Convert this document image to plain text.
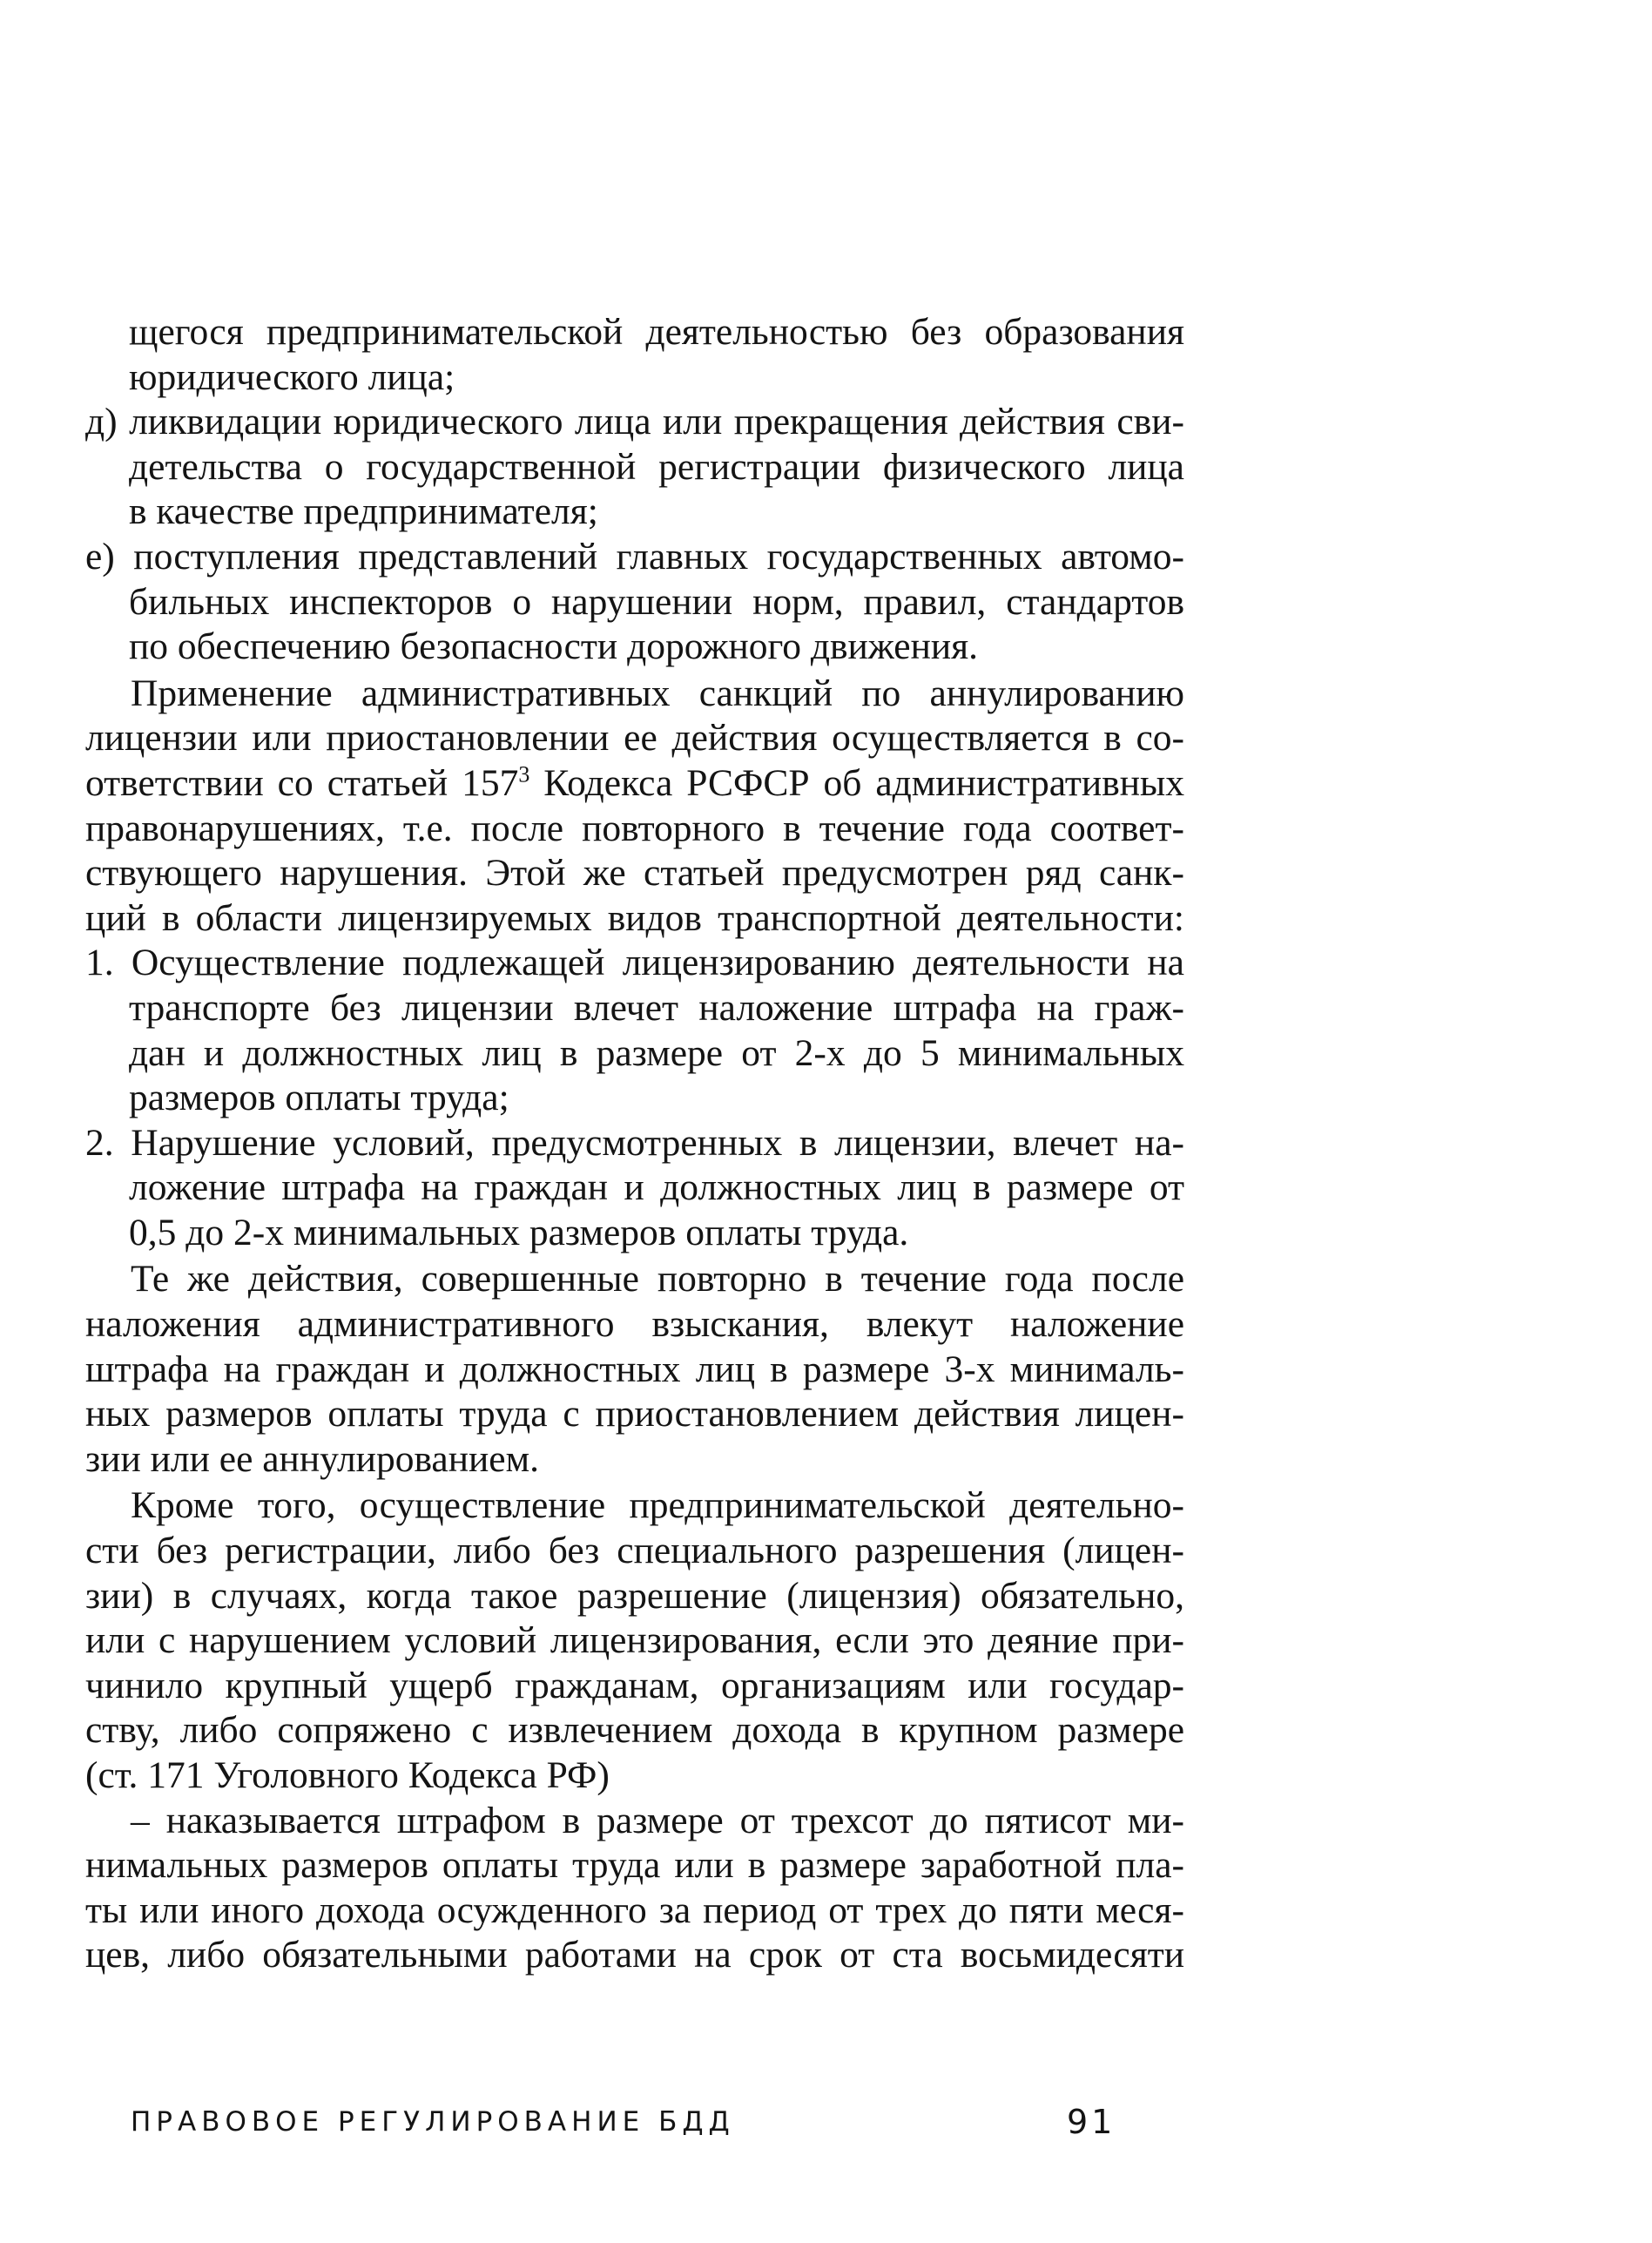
щегося предпринимательской деятельностью без образования
юридического лица;
д) ликвидации юридического лица или прекращения действия сви-
детельства о государственной регистрации физического лица
в качестве предпринимателя;
е) поступления представлений главных государственных автомо-
бильных инспекторов о нарушении норм, правил, стандартов
по обеспечению безопасности дорожного движения.
Применение административных санкций по аннулированию
лицензии или приостановлении ее действия осуществляется в со-
ответствии со статьей $157^3$ Кодекса РСФСР об административных
правонарушениях, т.е. после повторного в течение года соответ-
ствующего нарушения. Этой же статьей предусмотрен ряд санк-
ций в области лицензируемых видов транспортной деятельности:
1. Осуществление подлежащей лицензированию деятельности на
транспорте без лицензии влечет наложение штрафа на граж-
дан и должностных лиц в размере от 2-х до 5 минимальных
размеров оплаты труда;
2. Нарушение условий, предусмотренных в лицензии, влечет на-
ложение штрафа на граждан и должностных лиц в размере от
0,5 до 2-х минимальных размеров оплаты труда.
Те же действия, совершенные повторно в течение года после
наложения административного взыскания, влекут наложение
штрафа на граждан и должностных лиц в размере 3-х минималь-
ных размеров оплаты труда с приостановлением действия лицен-
зии или ее аннулированием.
Кроме того, осуществление предпринимательской деятельно-
сти без регистрации, либо без специального разрешения (лицен-
зии) в случаях, когда такое разрешение (лицензия) обязательно,
или с нарушением условий лицензирования, если это деяние при-
чинило крупный ущерб гражданам, организациям или государ-
ству, либо сопряжено с извлечением дохода в крупном размере
(ст. 171 Уголовного Кодекса РФ)
– наказывается штрафом в размере от трехсот до пятисот ми-
нимальных размеров оплаты труда или в размере заработной пла-
ты или иного дохода осужденного за период от трех до пяти меся-
цев, либо обязательными работами на срок от ста восьмидесяти
ПРАВОВОЕ РЕГУЛИРОВАНИЕ БДД	91
